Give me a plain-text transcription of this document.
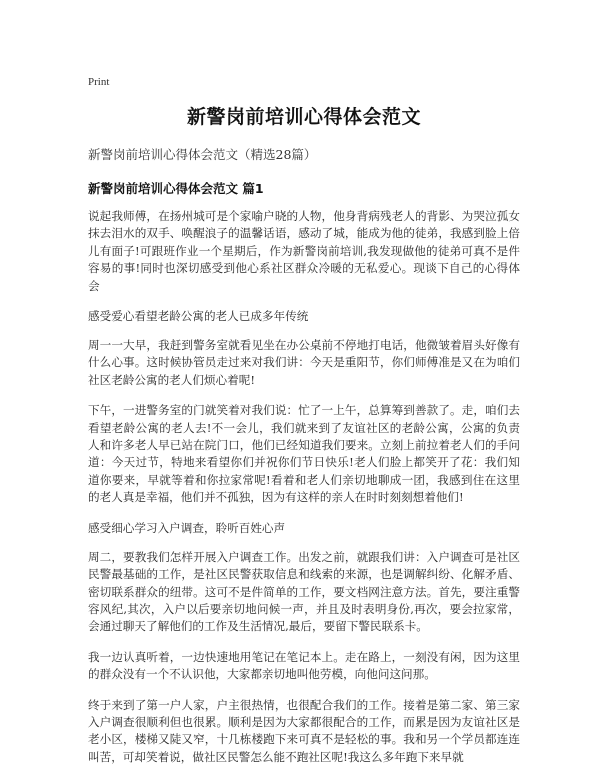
Print
新警岗前培训心得体会范文
新警岗前培训心得体会范文（精选28篇）
新警岗前培训心得体会范文 篇1

说起我师傅，在扬州城可是个家喻户晓的人物，他身背病残老人的背影、为哭泣孤女抹去泪水的双手、唤醒浪子的温馨话语，感动了城，能成为他的徒弟，我感到脸上倍儿有面子!可跟班作业一个星期后，作为新警岗前培训,我发现做他的徒弟可真不是件容易的事!同时也深切感受到他心系社区群众冷暖的无私爱心。现谈下自己的心得体会

感受爱心看望老龄公寓的老人已成多年传统

周一一大早，我赶到警务室就看见坐在办公桌前不停地打电话，他微皱着眉头好像有什么心事。这时候协管员走过来对我们讲：今天是重阳节，你们师傅准是又在为咱们社区老龄公寓的老人们烦心着呢!

下午，一进警务室的门就笑着对我们说：忙了一上午，总算筹到善款了。走，咱们去看望老龄公寓的老人去!不一会儿，我们就来到了友谊社区的老龄公寓，公寓的负责人和许多老人早已站在院门口，他们已经知道我们要来。立刻上前拉着老人们的手问道：今天过节，特地来看望你们并祝你们节日快乐!老人们脸上都笑开了花：我们知道你要来，早就等着和你拉家常呢!看着和老人们亲切地聊成一团，我感到住在这里的老人真是幸福，他们并不孤独，因为有这样的亲人在时时刻刻想着他们!

感受细心学习入户调查，聆听百姓心声

周二，要教我们怎样开展入户调查工作。出发之前，就跟我们讲：入户调查可是社区民警最基础的工作，是社区民警获取信息和线索的来源，也是调解纠纷、化解矛盾、密切联系群众的纽带。这可不是件简单的工作，要文档网注意方法。首先，要注重警容风纪,其次，入户以后要亲切地问候一声，并且及时表明身份,再次，要会拉家常，会通过聊天了解他们的工作及生活情况,最后，要留下警民联系卡。

我一边认真听着，一边快速地用笔记在笔记本上。走在路上，一刻没有闲，因为这里的群众没有一个不认识他，大家都亲切地叫他劳模，向他问这问那。

终于来到了第一户人家，户主很热情，也很配合我们的工作。接着是第二家、第三家入户调查很顺利但也很累。顺利是因为大家都很配合的工作，而累是因为友谊社区是老小区，楼梯又陡又窄，十几栋楼跑下来可真不是轻松的事。我和另一个学员都连连叫苦，可却笑着说，做社区民警怎么能不跑社区呢!我这么多年跑下来早就
